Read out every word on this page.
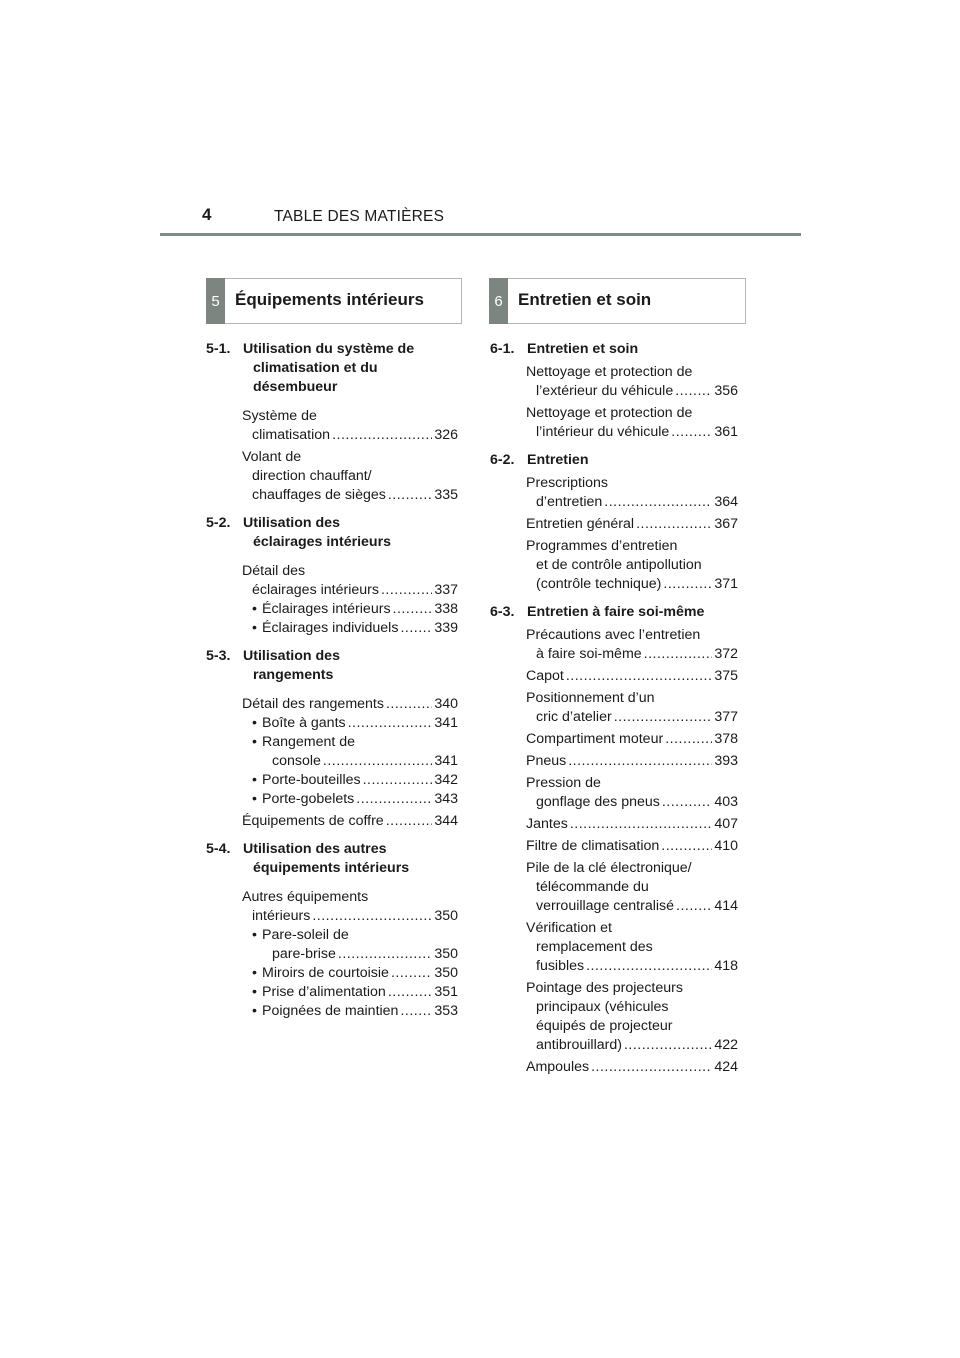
4	TABLE DES MATIÈRES
5 Équipements intérieurs	6 Entretien et soin
5-1. Utilisation du système de
climatisation et du
désembueur
Système de
climatisation .....	326
Volant de
direction chauffant/
chauffages de sièges .....	335
5-2. Utilisation des
éclairages intérieurs
Détail des
éclairages intérieurs .....	337
• Éclairages intérieurs .....	338
• Éclairages individuels .....	339
5-3. Utilisation des
rangements
Détail des rangements .....	340
• Boîte à gants .....	341
• Rangement de
console .....	341
• Porte-bouteilles .....	342
• Porte-gobelets .....	343
Équipements de coffre .....	344
5-4. Utilisation des autres
équipements intérieurs
Autres équipements
intérieurs .....	350
• Pare-soleil de
pare-brise .....	350
• Miroirs de courtoisie .....	350
• Prise d’alimentation .....	351
• Poignées de maintien .....	353
6-1. Entretien et soin
Nettoyage et protection de
l’extérieur du véhicule .....	356
Nettoyage et protection de
l’intérieur du véhicule .....	361
6-2. Entretien
Prescriptions
d’entretien .....	364
Entretien général .....	367
Programmes d’entretien
et de contrôle antipollution
(contrôle technique) .....	371
6-3. Entretien à faire soi-même
Précautions avec l’entretien
à faire soi-même .....	372
Capot .....	375
Positionnement d’un
cric d’atelier .....	377
Compartiment moteur .....	378
Pneus .....	393
Pression de
gonflage des pneus .....	403
Jantes .....	407
Filtre de climatisation .....	410
Pile de la clé électronique/
télécommande du
verrouillage centralisé .....	414
Vérification et
remplacement des
fusibles .....	418
Pointage des projecteurs
principaux (véhicules
équipés de projecteur
antibrouillard) .....	422
Ampoules .....	424
